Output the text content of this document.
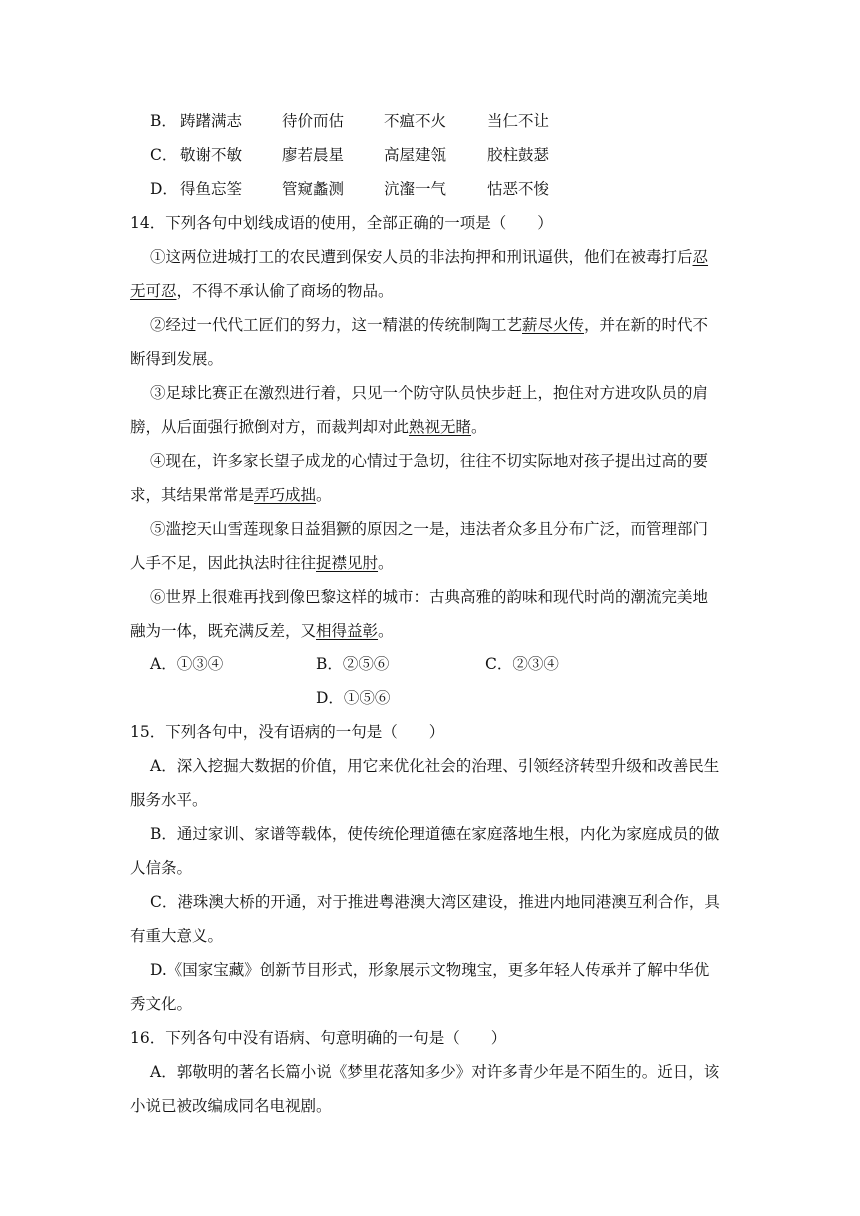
B． 踌躇满志	待价而估	不瘟不火	当仁不让
C． 敬谢不敏	廖若晨星	高屋建瓴	胶柱鼓瑟
D． 得鱼忘筌	管窥蠡测	沆瀣一气	怙恶不悛
14．下列各句中划线成语的使用，全部正确的一项是（　　）
①这两位进城打工的农民遭到保安人员的非法拘押和刑讯逼供，他们在被毒打后忍
无可忍，不得不承认偷了商场的物品。
②经过一代代工匠们的努力，这一精湛的传统制陶工艺薪尽火传，并在新的时代不
断得到发展。
③足球比赛正在激烈进行着，只见一个防守队员快步赶上，抱住对方进攻队员的肩
膀，从后面强行掀倒对方，而裁判却对此熟视无睹。
④现在，许多家长望子成龙的心情过于急切，往往不切实际地对孩子提出过高的要
求，其结果常常是弄巧成拙。
⑤滥挖天山雪莲现象日益猖獗的原因之一是，违法者众多且分布广泛，而管理部门
人手不足，因此执法时往往捉襟见肘。
⑥世界上很难再找到像巴黎这样的城市：古典高雅的韵味和现代时尚的潮流完美地
融为一体，既充满反差，又相得益彰。
A．①③④	B．②⑤⑥	C．②③④
D．①⑤⑥
15．下列各句中，没有语病的一句是（　　）
A．深入挖掘大数据的价值，用它来优化社会的治理、引领经济转型升级和改善民生
服务水平。
B．通过家训、家谱等载体，使传统伦理道德在家庭落地生根，内化为家庭成员的做
人信条。
C．港珠澳大桥的开通，对于推进粤港澳大湾区建设，推进内地同港澳互利合作，具
有重大意义。
D.《国家宝藏》创新节目形式，形象展示文物瑰宝，更多年轻人传承并了解中华优
秀文化。
16．下列各句中没有语病、句意明确的一句是（　　）
A．郭敬明的著名长篇小说《梦里花落知多少》对许多青少年是不陌生的。近日，该
小说已被改编成同名电视剧。
